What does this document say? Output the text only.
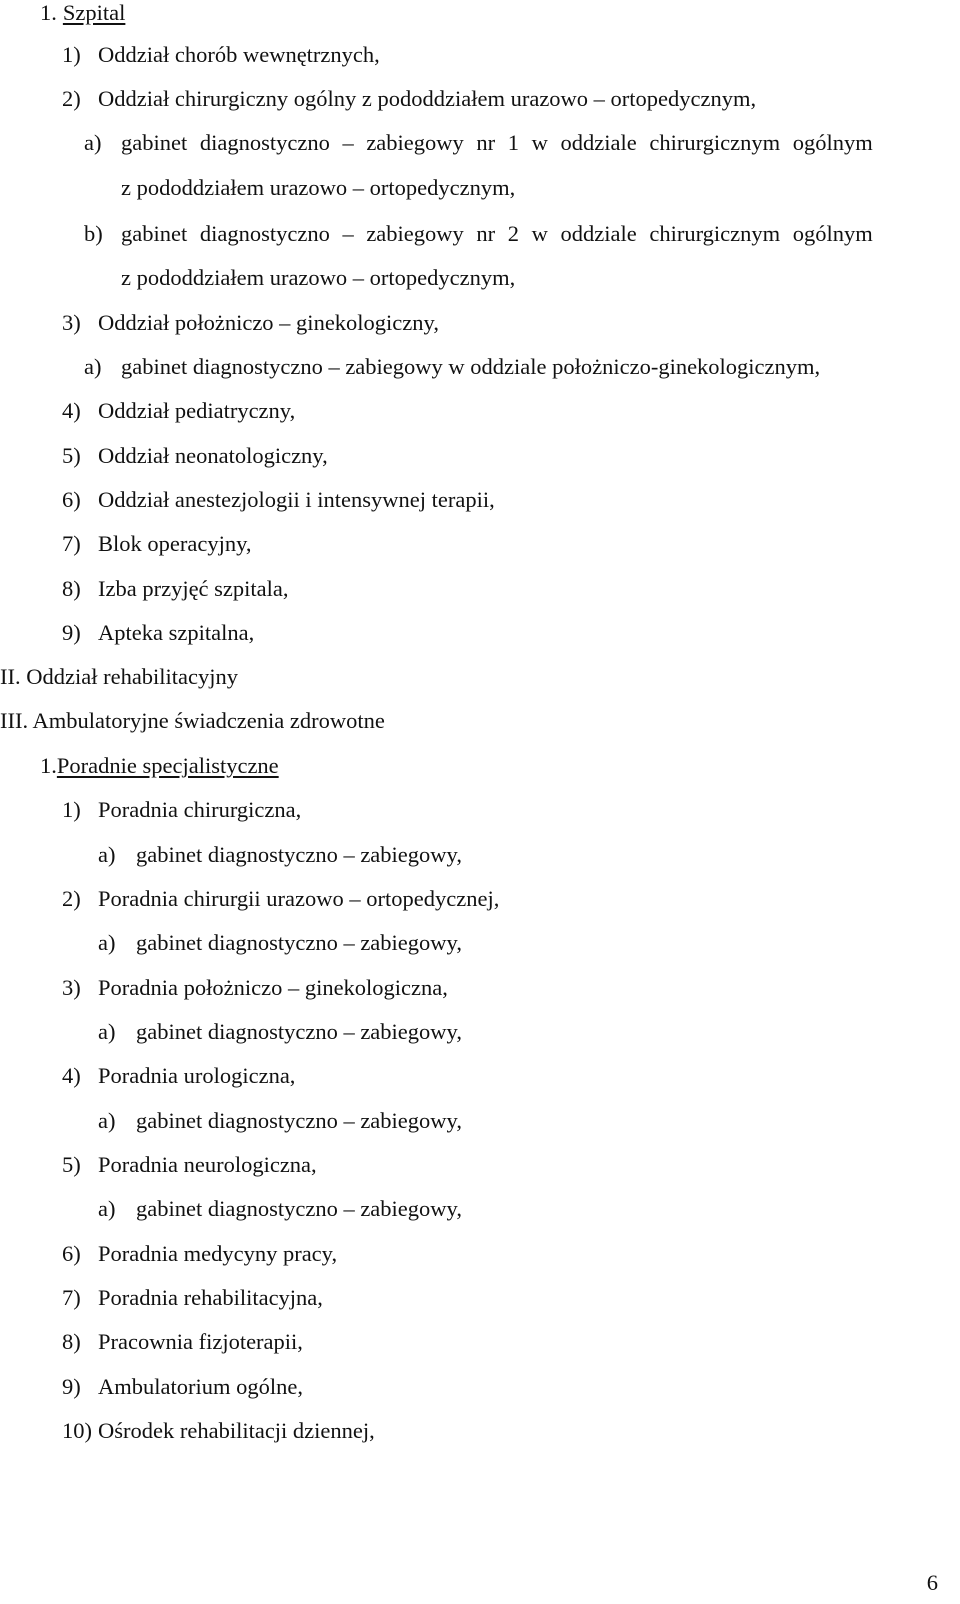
1. Szpital
1) Oddział chorób wewnętrznych,
2) Oddział chirurgiczny ogólny z pododdziałem urazowo – ortopedycznym,
a) gabinet diagnostyczno – zabiegowy nr 1 w oddziale chirurgicznym ogólnym
z pododdziałem urazowo – ortopedycznym,
b) gabinet diagnostyczno – zabiegowy nr 2 w oddziale chirurgicznym ogólnym
z pododdziałem urazowo – ortopedycznym,
3) Oddział położniczo – ginekologiczny,
a) gabinet diagnostyczno – zabiegowy w oddziale położniczo-ginekologicznym,
4) Oddział pediatryczny,
5) Oddział neonatologiczny,
6) Oddział anestezjologii i intensywnej terapii,
7) Blok operacyjny,
8) Izba przyjęć szpitala,
9) Apteka szpitalna,
II. Oddział rehabilitacyjny
III. Ambulatoryjne świadczenia zdrowotne
1.Poradnie specjalistyczne
1) Poradnia chirurgiczna,
a) gabinet diagnostyczno – zabiegowy,
2) Poradnia chirurgii urazowo – ortopedycznej,
a) gabinet diagnostyczno – zabiegowy,
3) Poradnia położniczo – ginekologiczna,
a) gabinet diagnostyczno – zabiegowy,
4) Poradnia urologiczna,
a) gabinet diagnostyczno – zabiegowy,
5) Poradnia neurologiczna,
a) gabinet diagnostyczno – zabiegowy,
6) Poradnia medycyny pracy,
7) Poradnia rehabilitacyjna,
8) Pracownia fizjoterapii,
9) Ambulatorium ogólne,
10) Ośrodek rehabilitacji dziennej,
6
